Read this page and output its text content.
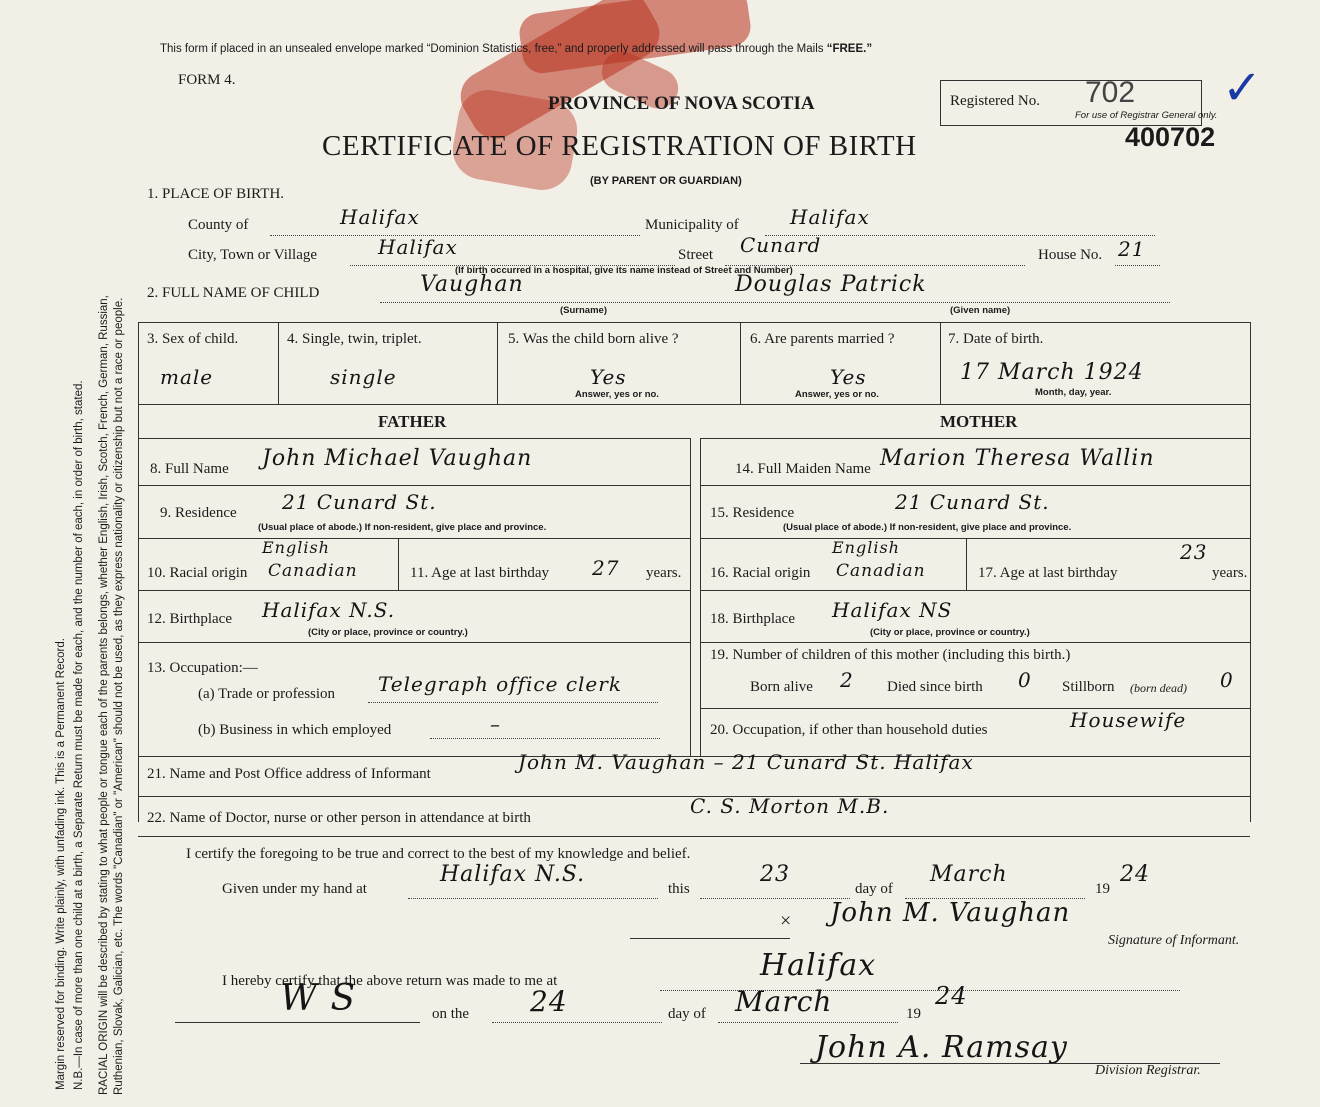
Margin reserved for binding. Write plainly, with unfading ink. This is a Permanent Record. N.B.—In case of more than one child at a birth, a Separate Return must be made for each, and the number of each, in order of birth, stated. RACIAL ORIGIN will be described by stating to what people or tongue each of the parents belongs, whether English, Irish, Scotch, French, German, Russian, Ruthenian, Slovak, Galician, etc. The words "Canadian" or "American" should not be used, as they express nationality or citizenship but not a race or people.
This form if placed in an unsealed envelope marked “Dominion Statistics, free,” and properly addressed will pass through the Mails “FREE.”
FORM 4.
PROVINCE OF NOVA SCOTIA
CERTIFICATE OF REGISTRATION OF BIRTH
(BY PARENT OR GUARDIAN)
Registered No. 702
For use of Registrar General only.
400702
✓
1. PLACE OF BIRTH.
County of	Halifax	Municipality of	Halifax
City, Town or Village	Halifax	Street Cunard	House No. 21
(If birth occurred in a hospital, give its name instead of Street and Number)
2. FULL NAME OF CHILD	Vaughan	Douglas Patrick
(Surname)	(Given name)
3. Sex of child.
male
4. Single, twin, triplet.
single
5. Was the child born alive ?
Yes
Answer, yes or no.
6. Are parents married ?
Yes
Answer, yes or no.
7. Date of birth.
17 March 1924
Month, day, year.
FATHER	MOTHER
8. Full Name John Michael Vaughan
9. Residence 21 Cunard St.
(Usual place of abode.) If non-resident, give place and province.
10. Racial origin
English
Canadian	11. Age at last birthday 27 years.
12. Birthplace Halifax N.S.
(City or place, province or country.)
13. Occupation:—
(a) Trade or profession Telegraph office clerk
(b) Business in which employed	–
14. Full Maiden Name Marion Theresa Wallin
15. Residence	21 Cunard St.
(Usual place of abode.) If non-resident, give place and province.
16. Racial origin
English
Canadian	17. Age at last birthday
23
years.
18. Birthplace Halifax NS
(City or place, province or country.)
19. Number of children of this mother (including this birth.)
Born alive 2 Died since birth 0 Stillborn (born dead) 0
20. Occupation, if other than household duties	Housewife
21. Name and Post Office address of Informant	John M. Vaughan – 21 Cunard St. Halifax
22. Name of Doctor, nurse or other person in attendance at birth	C. S. Morton M.B.
I certify the foregoing to be true and correct to the best of my knowledge and belief.
Given under my hand at
Halifax N.S.
this
23
day of
March
19
24
× John M. Vaughan
Signature of Informant.
I hereby certify that the above return was made to me at	Halifax
W S	on the 24	day of March	19
24
John A. Ramsay
Division Registrar.
